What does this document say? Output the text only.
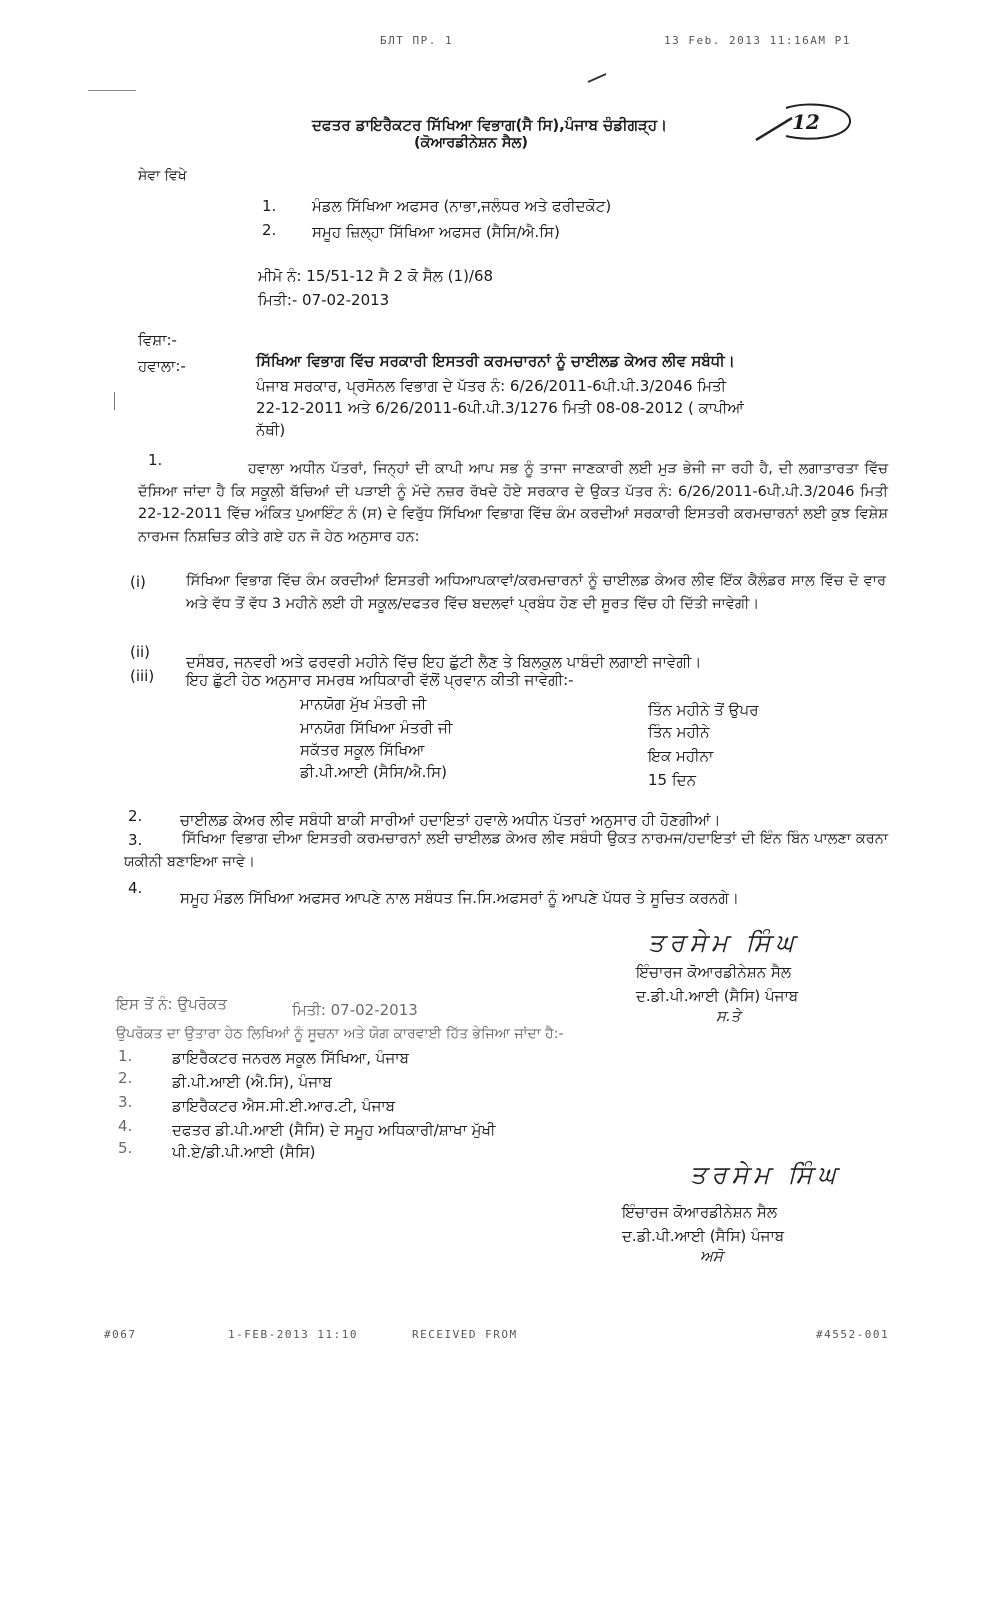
БЛТ ПР. 1	13 Feb. 2013 11:16AM P1
ਦਫਤਰ ਡਾਇਰੈਕਟਰ ਸਿੱਖਿਆ ਵਿਭਾਗ(ਸੈ ਸਿ),ਪੰਜਾਬ ਚੰਡੀਗੜ੍ਹ।
(ਕੋਆਰਡੀਨੇਸ਼ਨ ਸੈਲ)
12
ਸੇਵਾ ਵਿਖੇ
1. ਮੰਡਲ ਸਿੱਖਿਆ ਅਫਸਰ (ਨਾਭਾ,ਜਲੰਧਰ ਅਤੇ ਫਰੀਦਕੋਟ)
2. ਸਮੂਹ ਜ਼ਿਲ੍ਹਾ ਸਿੱਖਿਆ ਅਫਸਰ (ਸੈਸਿ/ਐ.ਸਿ)
ਮੀਮੋ ਨੰ: 15/51-12 ਸੈ 2 ਕੋ ਸੈਲ (1)/68
ਮਿਤੀ:- 07-02-2013
ਵਿਸ਼ਾ:-
ਸਿੱਖਿਆ ਵਿਭਾਗ ਵਿੱਚ ਸਰਕਾਰੀ ਇਸਤਰੀ ਕਰਮਚਾਰਨਾਂ ਨੂੰ ਚਾਈਲਡ ਕੇਅਰ ਲੀਵ ਸਬੰਧੀ।
ਹਵਾਲਾ:-
ਪੰਜਾਬ ਸਰਕਾਰ, ਪ੍ਰਸੋਨਲ ਵਿਭਾਗ ਦੇ ਪੱਤਰ ਨੰ: 6/26/2011-6ਪੀ.ਪੀ.3/2046 ਮਿਤੀ
22-12-2011 ਅਤੇ 6/26/2011-6ਪੀ.ਪੀ.3/1276 ਮਿਤੀ 08-08-2012 ( ਕਾਪੀਆਂ
ਨੱਥੀ)
1.	ਹਵਾਲਾ ਅਧੀਨ ਪੱਤਰਾਂ, ਜਿਨ੍ਹਾਂ ਦੀ ਕਾਪੀ ਆਪ ਸਭ ਨੂੰ ਤਾਜਾ ਜਾਣਕਾਰੀ ਲਈ ਮੁੜ ਭੇਜੀ ਜਾ ਰਹੀ ਹੈ, ਦੀ ਲਗਾਤਾਰਤਾ ਵਿੱਚ ਦੱਸਿਆ ਜਾਂਦਾ ਹੈ ਕਿ ਸਕੂਲੀ ਬੱਚਿਆਂ ਦੀ ਪੜਾਈ ਨੂੰ ਮੱਦੇ ਨਜ਼ਰ ਰੱਖਦੇ ਹੋਏ ਸਰਕਾਰ ਦੇ ਉਕਤ ਪੱਤਰ ਨੰ: 6/26/2011-6ਪੀ.ਪੀ.3/2046 ਮਿਤੀ 22-12-2011 ਵਿੱਚ ਅੰਕਿਤ ਪੁਆਇੰਟ ਨੰ (ਸ) ਦੇ ਵਿਰੁੱਧ ਸਿੱਖਿਆ ਵਿਭਾਗ ਵਿੱਚ ਕੰਮ ਕਰਦੀਆਂ ਸਰਕਾਰੀ ਇਸਤਰੀ ਕਰਮਚਾਰਨਾਂ ਲਈ ਕੁਝ ਵਿਸ਼ੇਸ਼ ਨਾਰਮਜ ਨਿਸ਼ਚਿਤ ਕੀਤੇ ਗਏ ਹਨ ਜੋ ਹੇਠ ਅਨੁਸਾਰ ਹਨ:
(i)	ਸਿੱਖਿਆ ਵਿਭਾਗ ਵਿੱਚ ਕੰਮ ਕਰਦੀਆਂ ਇਸਤਰੀ ਅਧਿਆਪਕਾਵਾਂ/ਕਰਮਚਾਰਨਾਂ ਨੂੰ ਚਾਈਲਡ ਕੇਅਰ ਲੀਵ ਇੱਕ ਕੈਲੰਡਰ ਸਾਲ ਵਿੱਚ ਦੋ ਵਾਰ ਅਤੇ ਵੱਧ ਤੋਂ ਵੱਧ 3 ਮਹੀਨੇ ਲਈ ਹੀ ਸਕੂਲ/ਦਫਤਰ ਵਿੱਚ ਬਦਲਵਾਂ ਪ੍ਰਬੰਧ ਹੋਣ ਦੀ ਸੂਰਤ ਵਿੱਚ ਹੀ ਦਿੱਤੀ ਜਾਵੇਗੀ।
(ii)
ਦਸੰਬਰ, ਜਨਵਰੀ ਅਤੇ ਫਰਵਰੀ ਮਹੀਨੇ ਵਿੱਚ ਇਹ ਛੁੱਟੀ ਲੈਣ ਤੇ ਬਿਲਕੁਲ ਪਾਬੰਦੀ ਲਗਾਈ ਜਾਵੇਗੀ।
(iii) ਇਹ ਛੁੱਟੀ ਹੇਠ ਅਨੁਸਾਰ ਸਮਰਥ ਅਧਿਕਾਰੀ ਵੱਲੋਂ ਪ੍ਰਵਾਨ ਕੀਤੀ ਜਾਵੇਗੀ:-
ਮਾਨਯੋਗ ਮੁੱਖ ਮੰਤਰੀ ਜੀ	ਤਿੰਨ ਮਹੀਨੇ ਤੋਂ ਉਪਰ
ਮਾਨਯੋਗ ਸਿੱਖਿਆ ਮੰਤਰੀ ਜੀ	ਤਿੰਨ ਮਹੀਨੇ
ਸਕੱਤਰ ਸਕੂਲ ਸਿੱਖਿਆ	ਇਕ ਮਹੀਨਾ
ਡੀ.ਪੀ.ਆਈ (ਸੈਸਿ/ਐ.ਸਿ)	15 ਦਿਨ
2.	ਚਾਈਲਡ ਕੇਅਰ ਲੀਵ ਸਬੰਧੀ ਬਾਕੀ ਸਾਰੀਆਂ ਹਦਾਇਤਾਂ ਹਵਾਲੇ ਅਧੀਨ ਪੱਤਰਾਂ ਅਨੁਸਾਰ ਹੀ ਹੋਣਗੀਆਂ।
3.	ਸਿੱਖਿਆ ਵਿਭਾਗ ਦੀਆ ਇਸਤਰੀ ਕਰਮਚਾਰਨਾਂ ਲਈ ਚਾਈਲਡ ਕੇਅਰ ਲੀਵ ਸਬੰਧੀ ਉਕਤ ਨਾਰਮਜ/ਹਦਾਇਤਾਂ ਦੀ ਇੰਨ ਬਿੰਨ ਪਾਲਣਾ ਕਰਨਾ ਯਕੀਨੀ ਬਣਾਇਆ ਜਾਵੇ।
4.
ਸਮੂਹ ਮੰਡਲ ਸਿੱਖਿਆ ਅਫਸਰ ਆਪਣੇ ਨਾਲ ਸਬੰਧਤ ਜਿ.ਸਿ.ਅਫਸਰਾਂ ਨੂੰ ਆਪਣੇ ਪੱਧਰ ਤੇ ਸੂਚਿਤ ਕਰਨਗੇ।
ਤਰਸੇਮ ਸਿੰਘ
ਇੰਚਾਰਜ ਕੋਆਰਡੀਨੇਸ਼ਨ ਸੈਲ
ਦ.ਡੀ.ਪੀ.ਆਈ (ਸੈਸਿ) ਪੰਜਾਬ
ਸ.ਤੇ
ਇਸ ਤੋਂ ਨੰ: ਉਪਰੋਕਤ	ਮਿਤੀ: 07-02-2013
ਉਪਰੋਕਤ ਦਾ ਉਤਾਰਾ ਹੇਠ ਲਿਖਿਆਂ ਨੂੰ ਸੂਚਨਾ ਅਤੇ ਯੋਗ ਕਾਰਵਾਈ ਹਿੱਤ ਭੇਜਿਆ ਜਾਂਦਾ ਹੈ:-
1.	ਡਾਇਰੈਕਟਰ ਜਨਰਲ ਸਕੂਲ ਸਿੱਖਿਆ, ਪੰਜਾਬ
2.	ਡੀ.ਪੀ.ਆਈ (ਐ.ਸਿ), ਪੰਜਾਬ
3.	ਡਾਇਰੈਕਟਰ ਐਸ.ਸੀ.ਈ.ਆਰ.ਟੀ, ਪੰਜਾਬ
4.	ਦਫਤਰ ਡੀ.ਪੀ.ਆਈ (ਸੈਸਿ) ਦੇ ਸਮੂਹ ਅਧਿਕਾਰੀ/ਸ਼ਾਖਾ ਮੁੱਖੀ
5.	ਪੀ.ਏ/ਡੀ.ਪੀ.ਆਈ (ਸੈਸਿ)
ਤਰਸੇਮ ਸਿੰਘ
ਇੰਚਾਰਜ ਕੋਆਰਡੀਨੇਸ਼ਨ ਸੈਲ
ਦ.ਡੀ.ਪੀ.ਆਈ (ਸੈਸਿ) ਪੰਜਾਬ
ਅਸੋ
#067	1-FEB-2013 11:10	RECEIVED FROM	#4552-001
